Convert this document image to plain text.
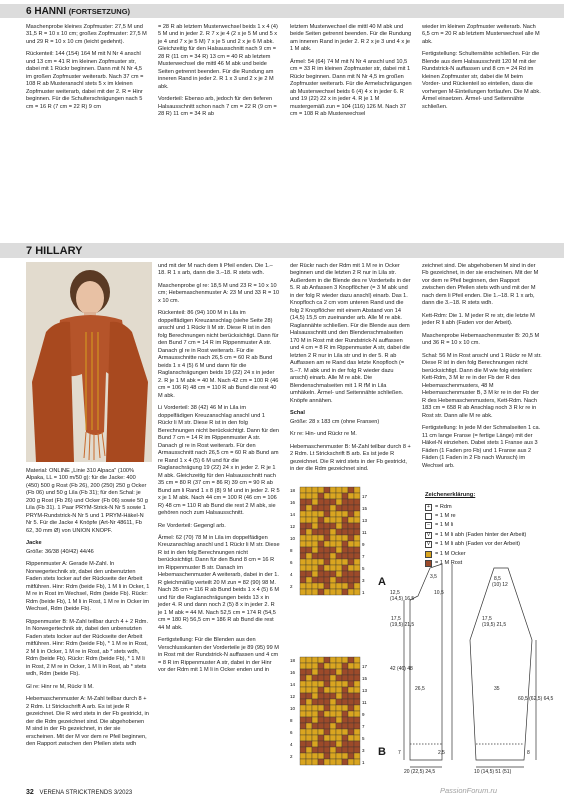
6 HANNI (FORTSETZUNG)

Maschenprobe kleines Zopfmuster: 27,5 M und 31,5 R = 10 x 10 cm; großes Zopfmuster: 27,5 M und 29 R = 10 x 10 cm (leicht gedehnt).

Rückenteil: 144 (154) 164 M mit N Nr 4 anschl und 13 cm = 41 R im kleinen Zopfmuster str, dabei mit 1 Rückr beginnen. Dann mit N Nr 4,5 im großen Zopfmuster weiterarb. Nach 37 cm = 108 R ab Musteranschl stets 5 x im kleinen Zopfmuster weiterarb, dabei mit der 2. R = Hinr beginnen. Für die Schulterschrägungen nach 5 cm = 16 R (7 cm = 22 R) 9 cm

= 28 R ab letztem Musterwechsel beids 1 x 4 (4) 5 M und in jeder 2. R 7 x je 4 (2 x je 5 M und 5 x je 4 und 7 x je 5 M) 7 x je 5 und 2 x je 6 M abk. Gleichzeitig für den Halsausschnitt nach 9 cm = 28 R (11 cm = 34 R) 13 cm = 40 R ab letztem Musterwechsel die mittl 46 M abk und beide Seiten getrennt beenden. Für die Rundung am inneren Rand in jeder 2. R 1 x 3 und 2 x je 2 M abk.

Vorderteil: Ebenso arb, jedoch für den tieferen Halsausschnitt schon nach 7 cm = 22 R (9 cm = 28 R) 11 cm = 34 R ab

letztem Musterwechsel die mittl 40 M abk und beide Seiten getrennt beenden. Für die Rundung am inneren Rand in jeder 2. R 2 x je 3 und 4 x je 1 M abk.

Ärmel: 54 (64) 74 M mit N Nr 4 anschl und 10,5 cm = 33 R im kleinen Zopfmuster str, dabei mit 1 Rückr beginnen. Dann mit N Nr 4,5 im großen Zopfmuster weiterarb. Für die Armelschrägungen ab Musterwechsel beids 6 (4) 4 x in jeder 6. R und 19 (22) 22 x in jeder 4. R je 1 M mustergemäß zun = 104 (116) 126 M. Nach 37 cm = 108 R ab Musterwechsel

wieder im kleinen Zopfmuster weiterarb. Nach 6,5 cm = 20 R ab letztem Musterwechsel alle M abk.

Fertigstellung: Schulternähte schließen. Für die Blende aus dem Halsausschnitt 120 M mit der Rundstrick-N auffassen und 8 cm = 24 Rd im kleinen Zopfmuster str, dabei die M beim Vorder- und Rückenteil so einteilen, dass die vorhergen M-Einteilungen fortlaufen. Die M abk. Ärmel einsetzen. Ärmel- und Seitennähte schließen.

7 HILLARY

Material: ONLINE „Linie 310 Alpaca" (100% Alpaka, LL = 100 m/50 g): für die Jacke: 400 (450) 500 g Rost (Fb 26), 200 (250) 250 g Ocker (Fb 06) und 50 g Lila (Fb 31); für den Schal: je 200 g Rost (Fb 26) und Ocker (Fb 06) sowie 50 g Lila (Fb 31). 1 Paar PRYM-Strick-N Nr 5 sowie 1 PRYM-Rundstrick-N Nr 5 und 1 PRYM-Häkel-N Nr 5. Für die Jacke 4 Knöpfe (Art-Nr 48611, Fb 62, 30 mm Ø) von UNION KNOPF.

Jacke

Größe: 36/38 (40/42) 44/46

Rippenmuster A: Gerade M-Zahl. In Norwegertechnik str, dabei den unbenutzten Faden stets locker auf der Rückseite der Arbeit mitführen. Hinr: Rdm (beide Fb), 1 M li in Ocker, 1 M re in Rost im Wechsel, Rdm (beide Fb). Rückr: Rdm (beide Fb), 1 M li in Rost, 1 M re in Ocker im Wechsel, Rdm (beide Fb).

Rippenmuster B: M-Zahl teilbar durch 4 + 2 Rdm. In Norwegertechnik str, dabei den unbenutzten Faden stets locker auf der Rückseite der Arbeit mitführen. Hinr: Rdm (beide Fb), * 1 M re in Rost, 2 M li in Ocker, 1 M re in Rost, ab * stets wdh, Rdm (beide Fb). Rückr: Rdm (beide Fb), * 1 M li in Rost, 2 M re in Ocker, 1 M li in Rost, ab * stets wdh, Rdm (beide Fb).

Gl re: Hinr re M, Rückr li M.

Hebemaschenmuster A: M-Zahl teilbar durch 8 + 2 Rdm. Lt Strickschrift A arb. Es ist jede R gezeichnet. Die R wird stets in der Fb gestrickt, in der die Rdm gezeichnet sind. Die abgehobenen M sind in der Fb gezeichnet, in der sie erscheinen. Mit der M vor dem re Pfeil beginnen, den Rapport zwischen den Pfeilen stets wdh

und mit der M nach dem li Pfeil enden. Die 1.–18. R 1 x arb, dann die 3.–18. R stets wdh.

Maschenprobe gl re: 18,5 M und 23 R = 10 x 10 cm; Hebemaschenmuster A: 23 M und 33 R = 10 x 10 cm.

Rückenteil: 86 (94) 100 M in Lila im doppelfädigen Kreuzanschlag (siehe Seite 28) anschl und 1 Rückr li M str. Diese R ist in den folg Berechnungen nicht berücksichtigt. Dann für den Bund 7 cm = 14 R im Rippenmuster A str. Danach gl re in Rost weiterarb. Für die Armausschnitte nach 26,5 cm = 60 R ab Bund beids 1 x 4 (5) 6 M und dann für die Raglanschrägungen beids 19 (22) 24 x in jeder 2. R je 1 M abk = 40 M. Nach 42 cm = 100 R (46 cm = 106 R) 48 cm = 110 R ab Bund die rest 40 M abk.

Li Vorderteil: 38 (42) 46 M in Lila im doppelfädigen Kreuzanschlag anschl und 1 Rückr li M str. Diese R ist in den folg Berechnungen nicht berücksichtigt. Dann für den Bund 7 cm = 14 R im Rippenmuster A str. Danach gl re in Rost weiterarb. Für den Armausschnitt nach 26,5 cm = 60 R ab Bund am re Rand 1 x 4 (5) 6 M und für die Raglanschrägung 19 (22) 24 x in jeder 2. R je 1 M abk. Gleichzeitig für den Halsausschnitt nach 35 cm = 80 R (37 cm = 86 R) 39 cm = 90 R ab Bund am li Rand 1 x 8 (8) 9 M und in jeder 2. R 5 x je 1 M abk. Nach 44 cm = 100 R (46 cm = 106 R) 48 cm = 110 R ab Bund die rest 2 M abk, sie gehören noch zum Halsausschnitt.

Re Vorderteil: Gegengl arb.

Ärmel: 62 (70) 78 M in Lila im doppelfädigen Kreuzanschlag anschl und 1 Rückr li M str. Diese R ist in den folg Berechnungen nicht berücksichtigt. Dann für den Bund 8 cm = 16 R im Rippenmuster B str. Danach im Hebemaschenmuster A weiterarb, dabei in der 1. R gleichmäßig verteilt 20 M zun = 82 (90) 98 M. Nach 35 cm = 116 R ab Bund beids 1 x 4 (5) 6 M und für die Raglanschrägungen beids 13 x in jeder 4. R und dann noch 2 (5) 8 x in jeder 2. R je 1 M abk = 44 M. Nach 52,5 cm = 174 R (54,5 cm = 180 R) 56,5 cm = 186 R ab Bund die rest 44 M abk.

Fertigstellung: Für die Blenden aus den Verschlusskanten der Vorderteile je 89 (95) 99 M in Rost mit der Rundstrick-N auffassen und 4 cm = 8 R im Rippenmuster A str, dabei in der Hinr vor der Rdm mit 1 M li in Ocker enden und in

der Rückr nach der Rdm mit 1 M re in Ocker beginnen und die letzten 2 R nur in Lila str. Außerdem in die Blende des re Vorderteils in der 5. R ab Anfassen 3 Knopflöcher (= 3 M abk und in der folg R wieder dazu anschl) einarb. Das 1. Knopfloch ca 2 cm vom unteren Rand und die folg 2 Knopflöcher mit einem Abstand von 14 (14,5) 15,5 cm zueinander arb. Alle M re abk. Raglannähte schließen. Für die Blende aus dem Halsausschnitt und den Blendenschmalseiten 170 M in Rost mit der Rundstrick-N auffassen und 4 cm = 8 R im Rippenmuster A str, dabei die letzten 2 R nur in Lila str und in der 5. R ab Auffassen am re Rand das letzte Knopfloch (= 5.–7. M abk und in der folg R wieder dazu anschl) einarb. Alle M re abk. Die Blendenschmalseiten mit 1 R fM in Lila umhäkeln. Ärmel- und Seitennähte schließen. Knöpfe annähen.

Schal

Größe: 28 x 183 cm (ohne Fransen)

Kr re: Hin- und Rückr re M.

Hebemaschenmuster B: M-Zahl teilbar durch 8 + 2 Rdm. Lt Strickschrift B arb. Es ist jede R gezeichnet. Die R wird stets in der Fb gestrickt, in der die Rdm gezeichnet sind.

zeichnet sind. Die abgehobenen M sind in der Fb gezeichnet, in der sie erscheinen. Mit der M vor dem re Pfeil beginnen, den Rapport zwischen den Pfeilen stets wdh und mit der M nach dem li Pfeil enden. Die 1.–18. R 1 x arb, dann die 3.–18. R stets wdh.

Kett-Rdm: Die 1. M jeder R re str, die letzte M jeder R li abh (Faden vor der Arbeit).

Maschenprobe Hebemaschenmuster B: 20,5 M und 36 R = 10 x 10 cm.

Schal: 56 M in Rost anschl und 1 Rückr re M str. Diese R ist in den folg Berechnungen nicht berücksichtigt. Dann die M wie folg einteilen: Kett-Rdm, 3 M kr re in der Fb der R des Hebemaschenmusters, 48 M Hebemaschenmuster B, 3 M kr re in der Fb der R des Hebemaschenmusters, Kett-Rdm. Nach 183 cm = 658 R ab Anschlag noch 3 R kr re in Rost str. Dann alle M re abk.

Fertigstellung: In jede M der Schmalseiten 1 ca. 11 cm lange Franse (= fertige Länge) mit der Häkel-N einziehen. Dabei stets 1 Franse aus 3 Fäden (1 Faden pro Fb) und 1 Franse aus 2 Fäden (1 Faden in 2 Fb nach Wunsch) im Wechsel arb.

18
16
14
12
10
8
6
4
2
17
15
13
11
9
7
5
3
1
A
18
16
14
12
10
8
6
4
2
17
15
13
11
9
7
5
3
1
B
Zeichenerklärung:
+ = Rdm
= 1 M re
– = 1 M li
V = 1 M li abh (Faden hinter der Arbeit)
V = 1 M li abh (Faden vor der Arbeit)
= 1 M Ocker
= 1 M Rost
12,5
(14,5) 16,5
17,5
(19,5) 21,5
26,5
42 (46) 48
7
10,5
3,5
2,5
20 (22,5) 24,5
8,5
(10) 12
17,5
(19,5) 21,5
35
60,5 (62,5) 64,5
8
10 (14,5) 51 (51)
32 VERENA STRICKTRENDS 3/2023	PassionForum.ru
